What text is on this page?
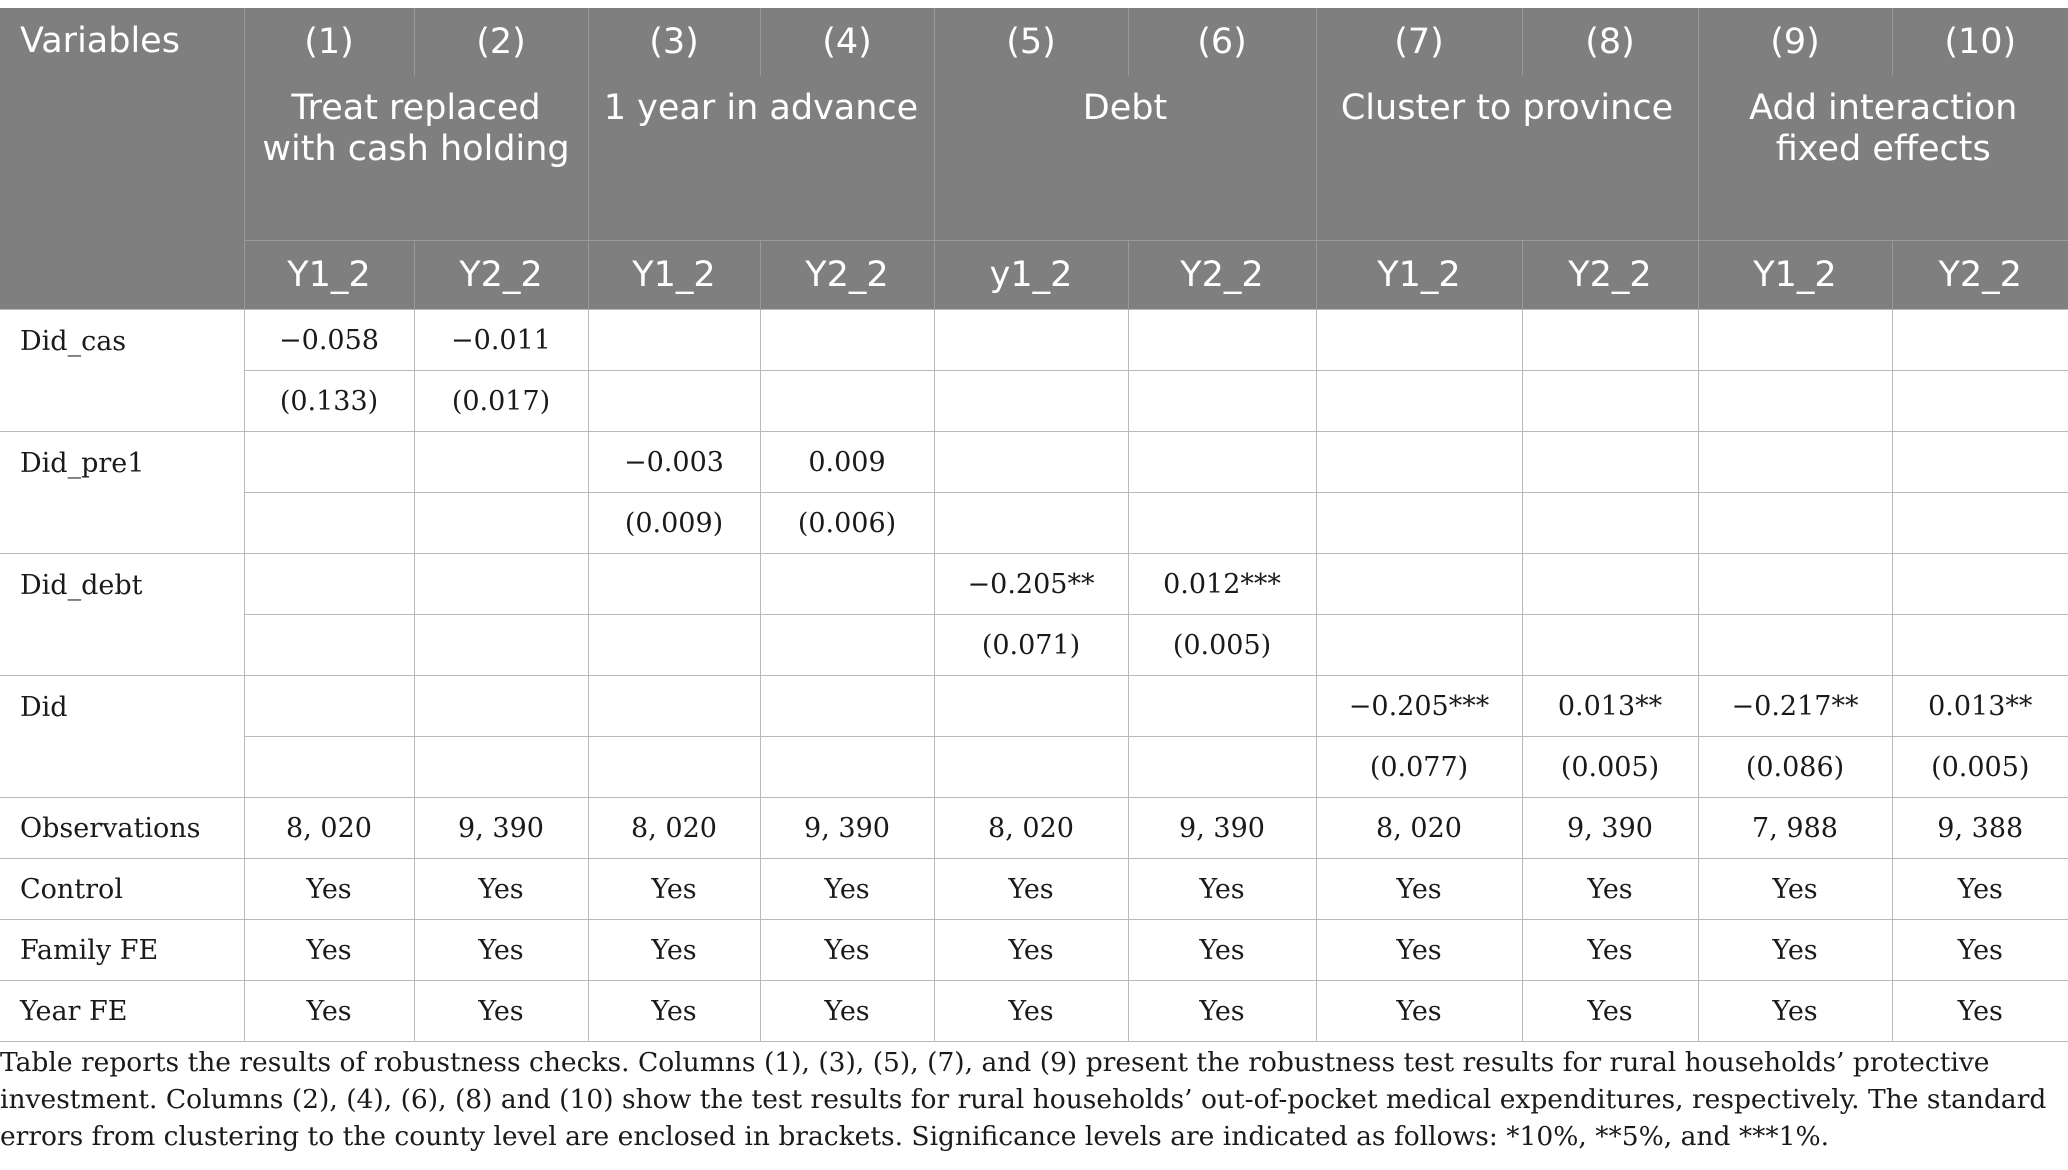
Variables	(1)	(2)	(3)	(4)	(5)	(6)	(7)	(8)	(9)	(10)
	Treat replaced with cash holding		1 year in advance		Debt		Cluster to province		Add interaction fixed effects	
	Y1_2	Y2_2	Y1_2	Y2_2	y1_2	Y2_2	Y1_2	Y2_2	Y1_2	Y2_2
Did_cas	−0.058	−0.011								
	(0.133)	(0.017)								
Did_pre1			−0.003	0.009						
			(0.009)	(0.006)						
Did_debt					−0.205**	0.012***				
					(0.071)	(0.005)				
Did							−0.205***	0.013**	−0.217**	0.013**
							(0.077)	(0.005)	(0.086)	(0.005)
Observations	8, 020	9, 390	8, 020	9, 390	8, 020	9, 390	8, 020	9, 390	7, 988	9, 388
Control	Yes	Yes	Yes	Yes	Yes	Yes	Yes	Yes	Yes	Yes
Family FE	Yes	Yes	Yes	Yes	Yes	Yes	Yes	Yes	Yes	Yes
Year FE	Yes	Yes	Yes	Yes	Yes	Yes	Yes	Yes	Yes	Yes
Table reports the results of robustness checks. Columns (1), (3), (5), (7), and (9) present the robustness test results for rural households’ protective investment. Columns (2), (4), (6), (8) and (10) show the test results for rural households’ out-of-pocket medical expenditures, respectively. The standard errors from clustering to the county level are enclosed in brackets. Significance levels are indicated as follows: *10%, **5%, and ***1%.
